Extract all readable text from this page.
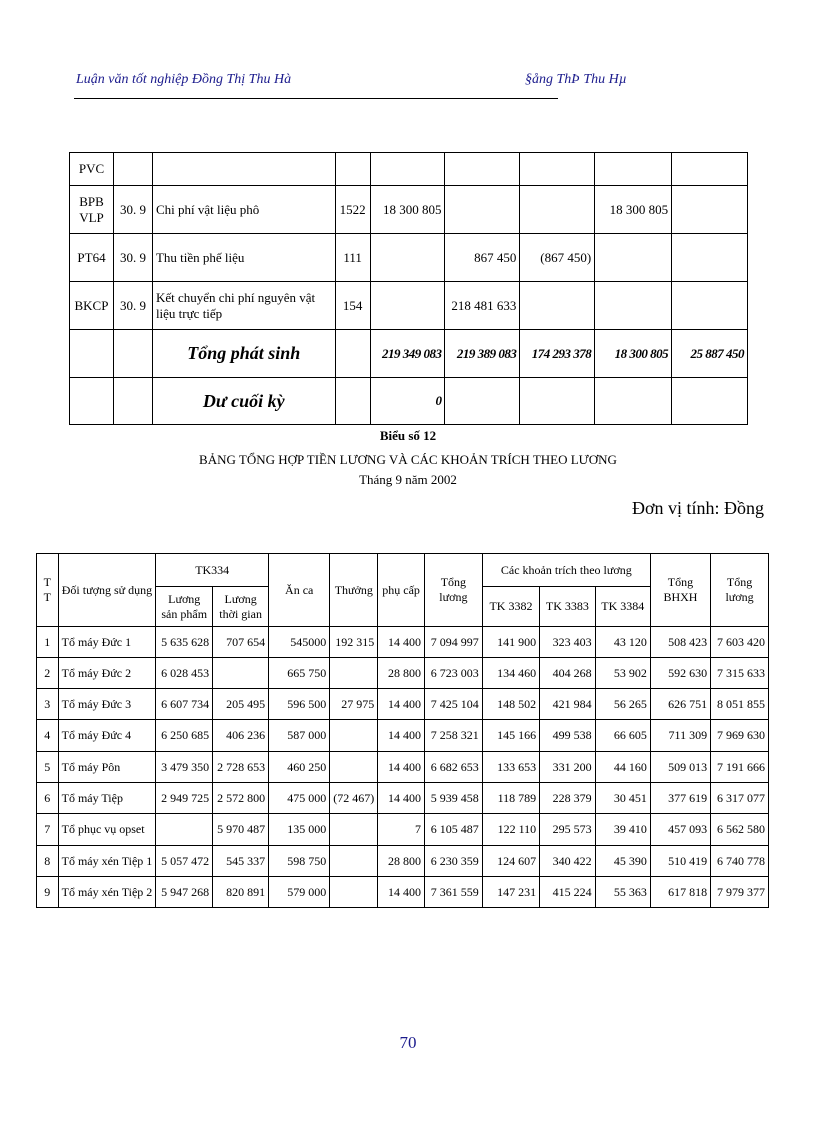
Luận văn tốt nghiệp Đồng Thị Thu Hà	§ång ThÞ Thu Hµ
PVC								
BPB VLP	30. 9	Chi phí vật liệu phô	1522	18 300 805			18 300 805	
PT64	30. 9	Thu tiền phế liệu	111		867 450	(867 450)		
BKCP	30. 9	Kết chuyển chi phí nguyên vật liệu trực tiếp	154		218 481 633			
		Tổng phát sinh		219 349 083	219 389 083	174 293 378	18 300 805	25 887 450
		Dư cuối kỳ		0				
Biểu số 12
BẢNG TỔNG HỢP TIỀN LƯƠNG VÀ CÁC KHOẢN TRÍCH THEO LƯƠNG
Tháng 9 năm 2002
Đơn vị tính: Đồng
T T	Đối tượng sử dụng	TK334		Ăn ca	Thưởng	phụ cấp	Tổng lương	Các khoản trích theo lương			Tổng BHXH	Tổng lương
		Lương sản phẩm	Lương thời gian					TK 3382	TK 3383	TK 3384		
1	Tổ máy Đức 1	5 635 628	707 654	545000	192 315	14 400	7 094 997	141 900	323 403	43 120	508 423	7 603 420
2	Tổ máy Đức 2	6 028 453		665 750		28 800	6 723 003	134 460	404 268	53 902	592 630	7 315 633
3	Tổ máy Đức 3	6 607 734	205 495	596 500	27 975	14 400	7 425 104	148 502	421 984	56 265	626 751	8 051 855
4	Tổ máy Đức 4	6 250 685	406 236	587 000		14 400	7 258 321	145 166	499 538	66 605	711 309	7 969 630
5	Tổ máy Pôn	3 479 350	2 728 653	460 250		14 400	6 682 653	133 653	331 200	44 160	509 013	7 191 666
6	Tổ máy Tiệp	2 949 725	2 572 800	475 000	(72 467)	14 400	5 939 458	118 789	228 379	30 451	377 619	6 317 077
7	Tổ phục vụ opset		5 970 487	135 000		7	6 105 487	122 110	295 573	39 410	457 093	6 562 580
8	Tổ máy xén Tiệp 1	5 057 472	545 337	598 750		28 800	6 230 359	124 607	340 422	45 390	510 419	6 740 778
9	Tổ máy xén Tiệp 2	5 947 268	820 891	579 000		14 400	7 361 559	147 231	415 224	55 363	617 818	7 979 377
70
